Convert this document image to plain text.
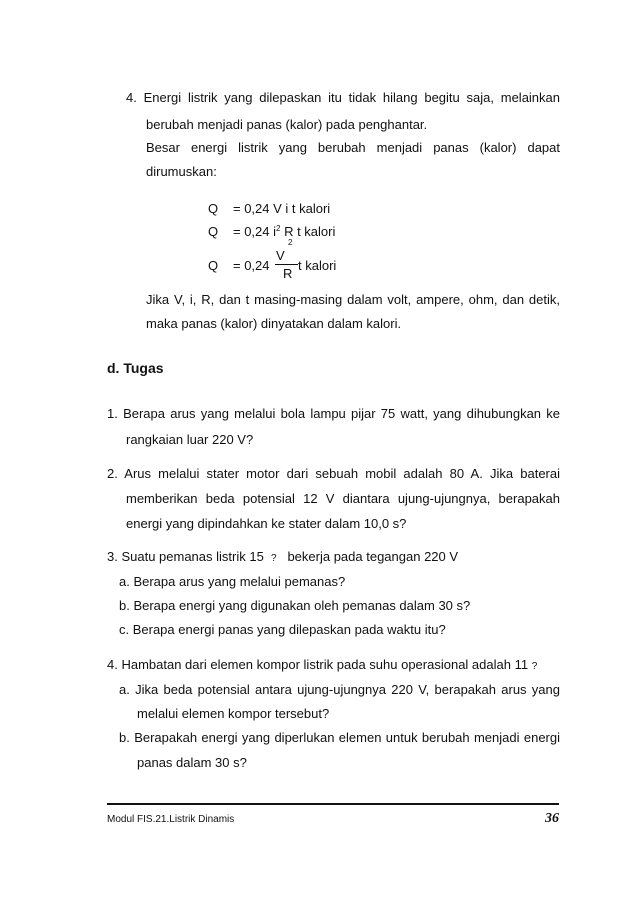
4. Energi listrik yang dilepaskan itu tidak hilang begitu saja, melainkan
berubah menjadi panas (kalor) pada penghantar.
Besar energi listrik yang berubah menjadi panas (kalor) dapat
dirumuskan:
Q = 0,24 V i t kalori
Q = 0,24 $i^2$ R t kalori
Q = 0,24
V
2
R
t kalori
Jika V, i, R, dan t masing-masing dalam volt, ampere, ohm, dan detik,
maka panas (kalor) dinyatakan dalam kalori.
d. Tugas
1. Berapa arus yang melalui bola lampu pijar 75 watt, yang dihubungkan ke
rangkaian luar 220 V?
2. Arus melalui stater motor dari sebuah mobil adalah 80 A. Jika baterai
memberikan beda potensial 12 V diantara ujung-ujungnya, berapakah
energi yang dipindahkan ke stater dalam 10,0 s?
3. Suatu pemanas listrik 15 ? bekerja pada tegangan 220 V
a. Berapa arus yang melalui pemanas?
b. Berapa energi yang digunakan oleh pemanas dalam 30 s?
c. Berapa energi panas yang dilepaskan pada waktu itu?
4. Hambatan dari elemen kompor listrik pada suhu operasional adalah 11 ?
a. Jika beda potensial antara ujung-ujungnya 220 V, berapakah arus yang
melalui elemen kompor tersebut?
b. Berapakah energi yang diperlukan elemen untuk berubah menjadi energi
panas dalam 30 s?
Modul FIS.21.Listrik Dinamis	36
